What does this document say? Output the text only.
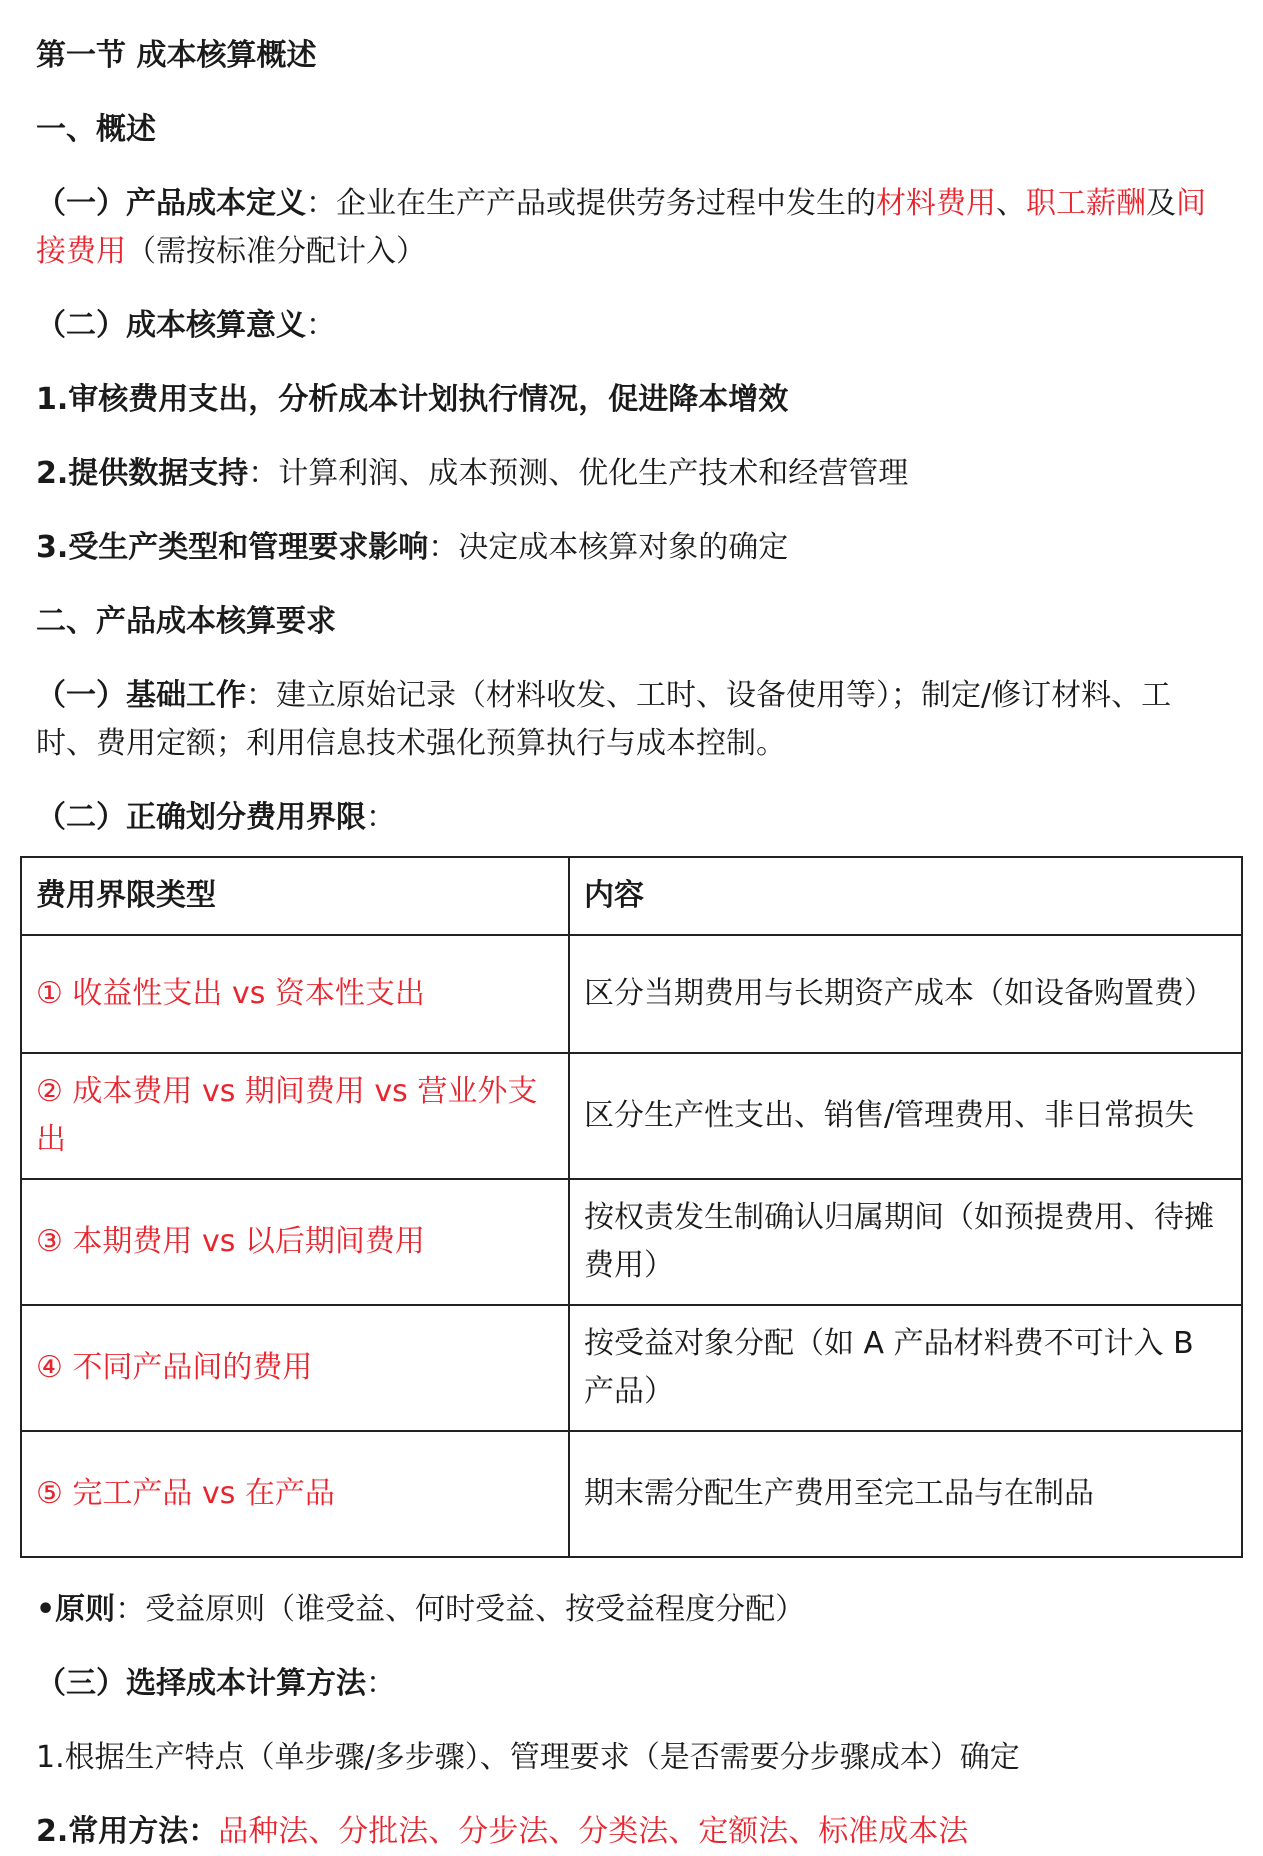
第一节 成本核算概述
一、概述
（一）产品成本定义：企业在生产产品或提供劳务过程中发生的材料费用、职工薪酬及间接费用（需按标准分配计入）
（二）成本核算意义：
1.审核费用支出，分析成本计划执行情况，促进降本增效
2.提供数据支持：计算利润、成本预测、优化生产技术和经营管理
3.受生产类型和管理要求影响：决定成本核算对象的确定
二、产品成本核算要求
（一）基础工作：建立原始记录（材料收发、工时、设备使用等）；制定/修订材料、工时、费用定额；利用信息技术强化预算执行与成本控制。
（二）正确划分费用界限：
费用界限类型	内容
① 收益性支出 vs 资本性支出	区分当期费用与长期资产成本（如设备购置费）
② 成本费用 vs 期间费用 vs 营业外支出	区分生产性支出、销售/管理费用、非日常损失
③ 本期费用 vs 以后期间费用	按权责发生制确认归属期间（如预提费用、待摊费用）
④ 不同产品间的费用	按受益对象分配（如 A 产品材料费不可计入 B 产品）
⑤ 完工产品 vs 在产品	期末需分配生产费用至完工品与在制品
•原则：受益原则（谁受益、何时受益、按受益程度分配）
（三）选择成本计算方法：
1.根据生产特点（单步骤/多步骤）、管理要求（是否需要分步骤成本）确定
2.常用方法：品种法、分批法、分步法、分类法、定额法、标准成本法
